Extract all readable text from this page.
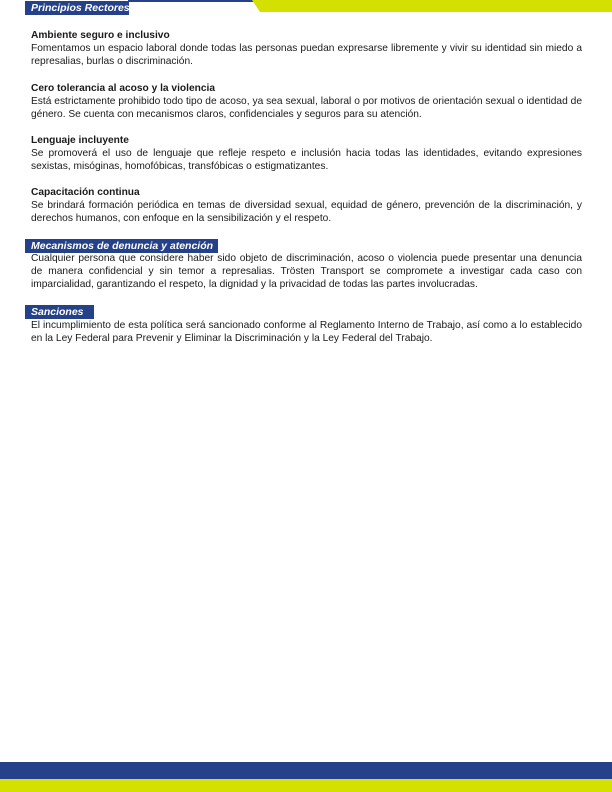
Principios Rectores
Ambiente seguro e inclusivo
Fomentamos un espacio laboral donde todas las personas puedan expresarse libremente y vivir su identidad sin miedo a represalias, burlas o discriminación.
Cero tolerancia al acoso y la violencia
Está estrictamente prohibido todo tipo de acoso, ya sea sexual, laboral o por motivos de orientación sexual o identidad de género. Se cuenta con mecanismos claros, confidenciales y seguros para su atención.
Lenguaje incluyente
Se promoverá el uso de lenguaje que refleje respeto e inclusión hacia todas las identidades, evitando expresiones sexistas, misóginas, homofóbicas, transfóbicas o estigmatizantes.
Capacitación continua
Se brindará formación periódica en temas de diversidad sexual, equidad de género, prevención de la discriminación, y derechos humanos, con enfoque en la sensibilización y el respeto.
Mecanismos de denuncia y atención
Cualquier persona que considere haber sido objeto de discriminación, acoso o violencia puede presentar una denuncia de manera confidencial y sin temor a represalias. Trösten Transport se compromete a investigar cada caso con imparcialidad, garantizando el respeto, la dignidad y la privacidad de todas las partes involucradas.
Sanciones
El incumplimiento de esta política será sancionado conforme al Reglamento Interno de Trabajo, así como a lo establecido en la Ley Federal para Prevenir y Eliminar la Discriminación y la Ley Federal del Trabajo.
